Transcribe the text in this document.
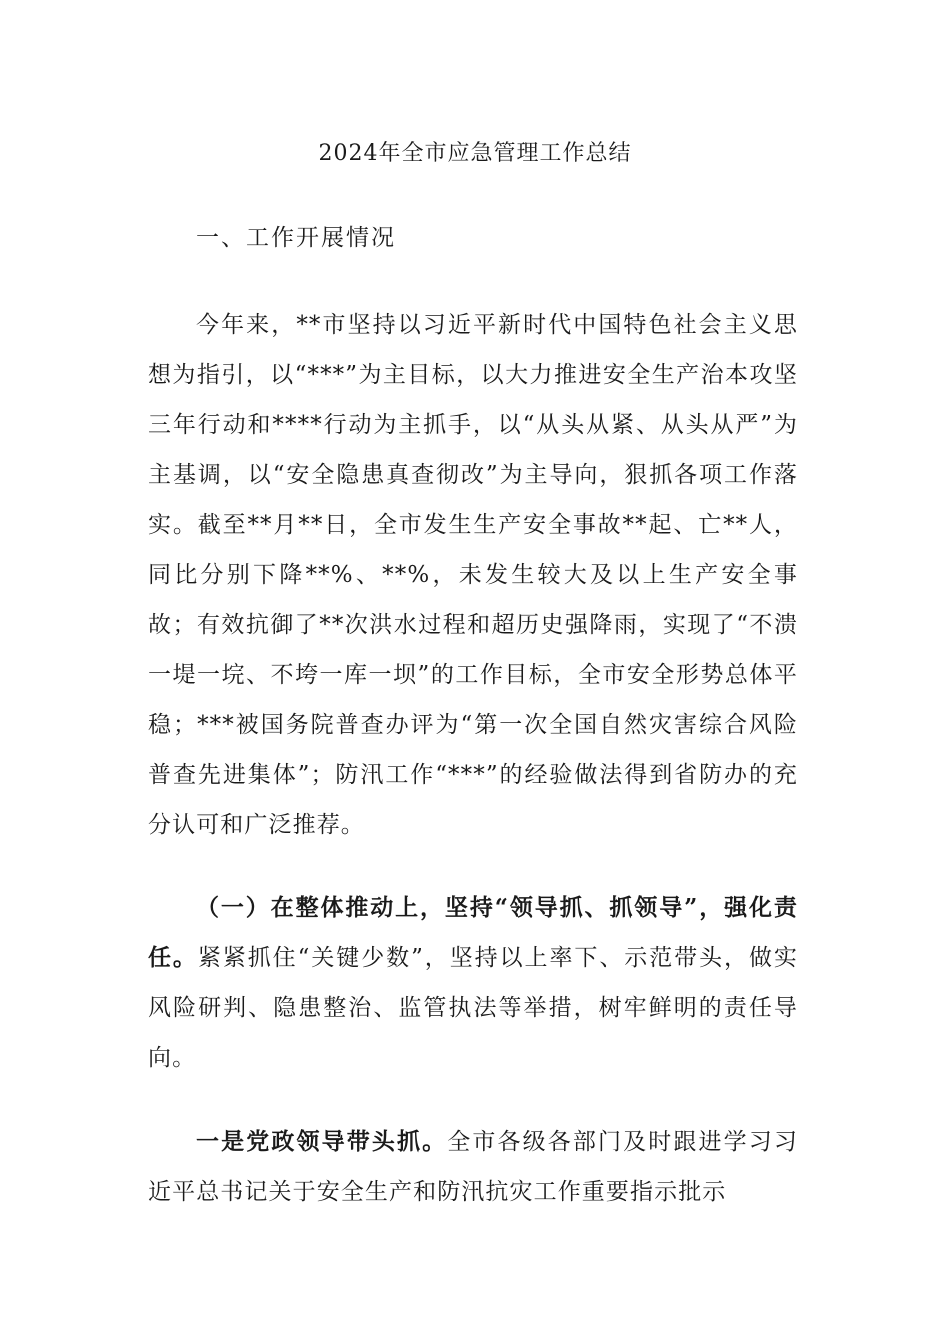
2024年全市应急管理工作总结
一、工作开展情况

今年来，**市坚持以习近平新时代中国特色社会主义思想为指引，以“***”为主目标，以大力推进安全生产治本攻坚三年行动和****行动为主抓手，以“从头从紧、从头从严”为主基调，以“安全隐患真查彻改”为主导向，狠抓各项工作落实。截至**月**日，全市发生生产安全事故**起、亡**人，同比分别下降**%、**%，未发生较大及以上生产安全事故；有效抗御了**次洪水过程和超历史强降雨，实现了“不溃一堤一垸、不垮一库一坝”的工作目标，全市安全形势总体平稳；***被国务院普查办评为“第一次全国自然灾害综合风险普查先进集体”；防汛工作“***”的经验做法得到省防办的充分认可和广泛推荐。

（一）在整体推动上，坚持“领导抓、抓领导”，强化责任。紧紧抓住“关键少数”，坚持以上率下、示范带头，做实风险研判、隐患整治、监管执法等举措，树牢鲜明的责任导向。

一是党政领导带头抓。全市各级各部门及时跟进学习习近平总书记关于安全生产和防汛抗灾工作重要指示批示
